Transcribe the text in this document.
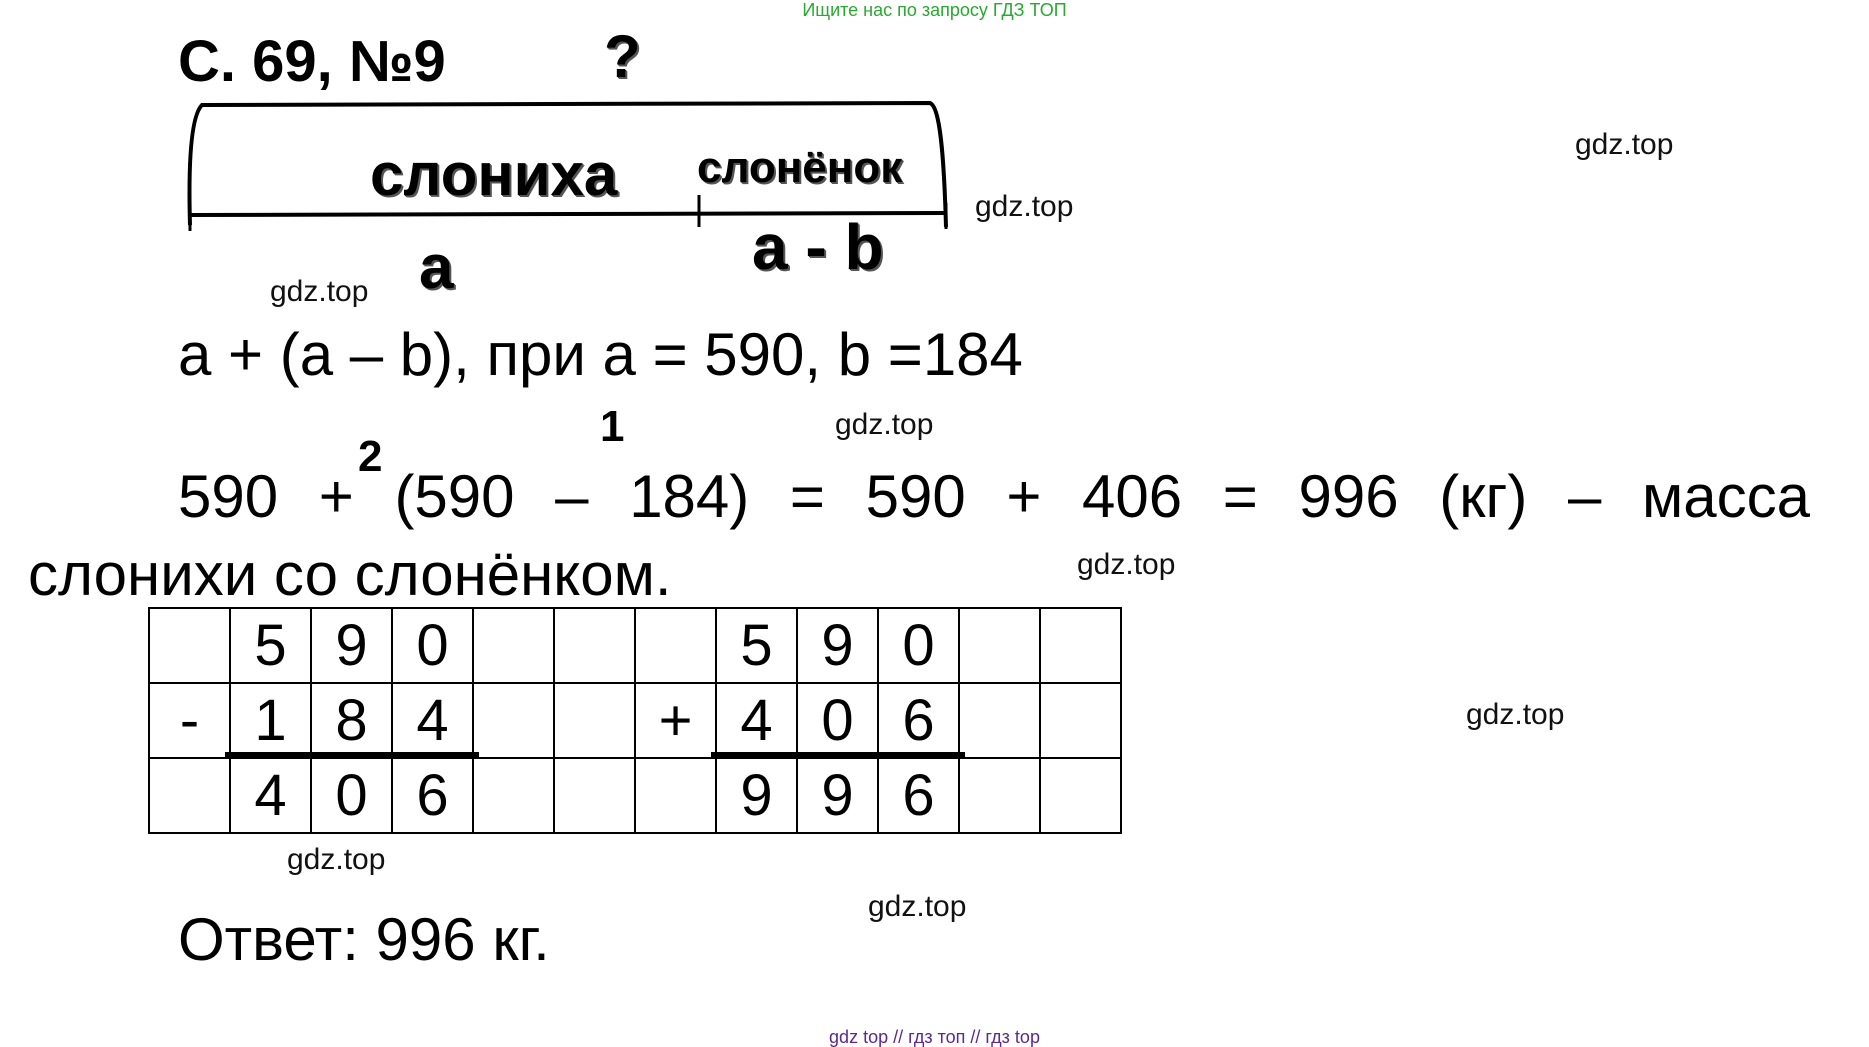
Ищите нас по запросу ГДЗ ТОП
С. 69, №9	?
слониха слонёнок
a	a - b
gdz.top
gdz.top
gdz.top
gdz.top
gdz.top
gdz.top
gdz.top
gdz.top
a + (a – b), при a = 590, b =184
1
2
590 + (590 – 184) = 590 + 406 = 996 (кг) – масса
слонихи со слонёнком.
	5	9	0				5	9	0		
-	1	8	4			+	4	0	6		
	4	0	6				9	9	6		
Ответ: 996 кг.
gdz top // гдз топ // гдз top
